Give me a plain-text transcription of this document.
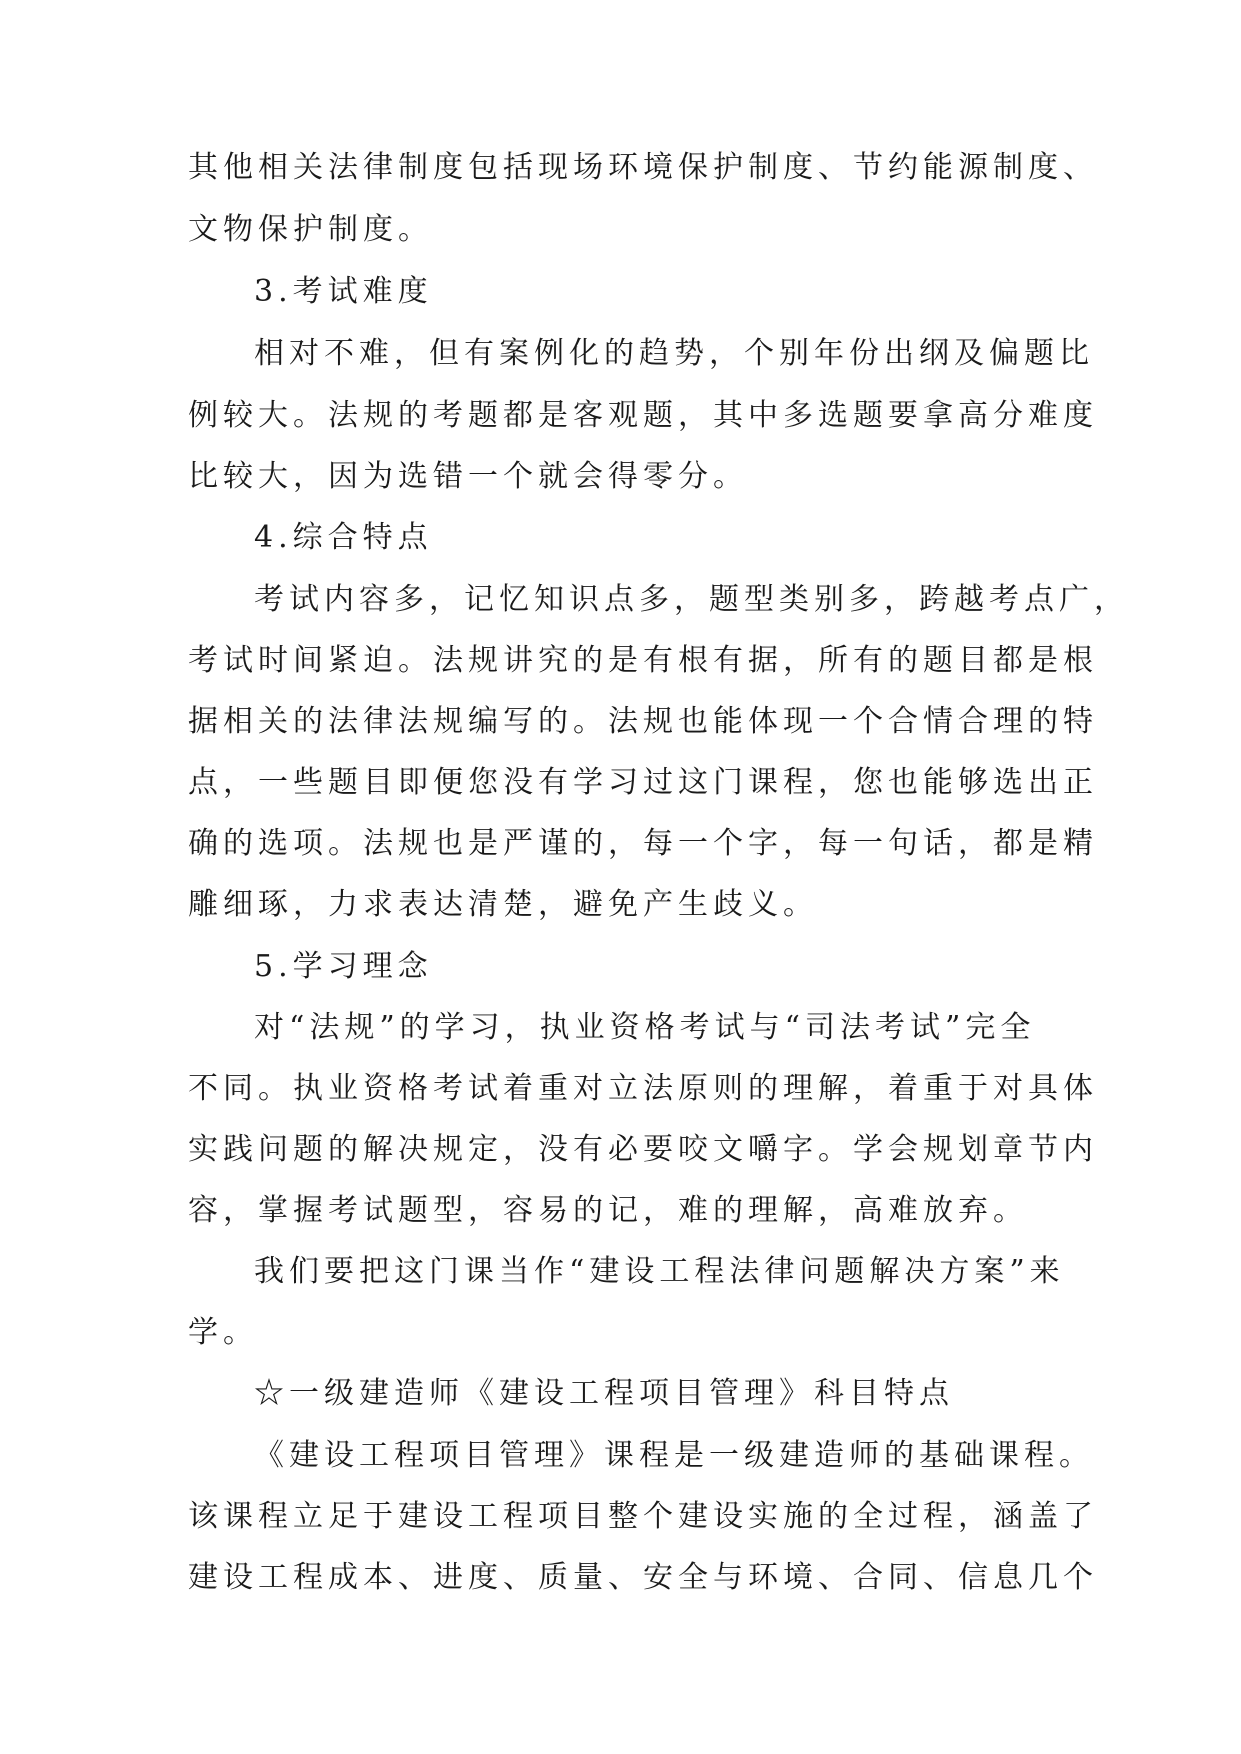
其他相关法律制度包括现场环境保护制度、节约能源制度、
文物保护制度。
3.考试难度
相对不难，但有案例化的趋势，个别年份出纲及偏题比
例较大。法规的考题都是客观题，其中多选题要拿高分难度
比较大，因为选错一个就会得零分。
4.综合特点
考试内容多，记忆知识点多，题型类别多，跨越考点广，
考试时间紧迫。法规讲究的是有根有据，所有的题目都是根
据相关的法律法规编写的。法规也能体现一个合情合理的特
点，一些题目即便您没有学习过这门课程，您也能够选出正
确的选项。法规也是严谨的，每一个字，每一句话，都是精
雕细琢，力求表达清楚，避免产生歧义。
5.学习理念
对“法规”的学习，执业资格考试与“司法考试”完全
不同。执业资格考试着重对立法原则的理解，着重于对具体
实践问题的解决规定，没有必要咬文嚼字。学会规划章节内
容，掌握考试题型，容易的记，难的理解，高难放弃。
我们要把这门课当作“建设工程法律问题解决方案”来
学。
☆一级建造师《建设工程项目管理》科目特点
《建设工程项目管理》课程是一级建造师的基础课程。
该课程立足于建设工程项目整个建设实施的全过程，涵盖了
建设工程成本、进度、质量、安全与环境、合同、信息几个
